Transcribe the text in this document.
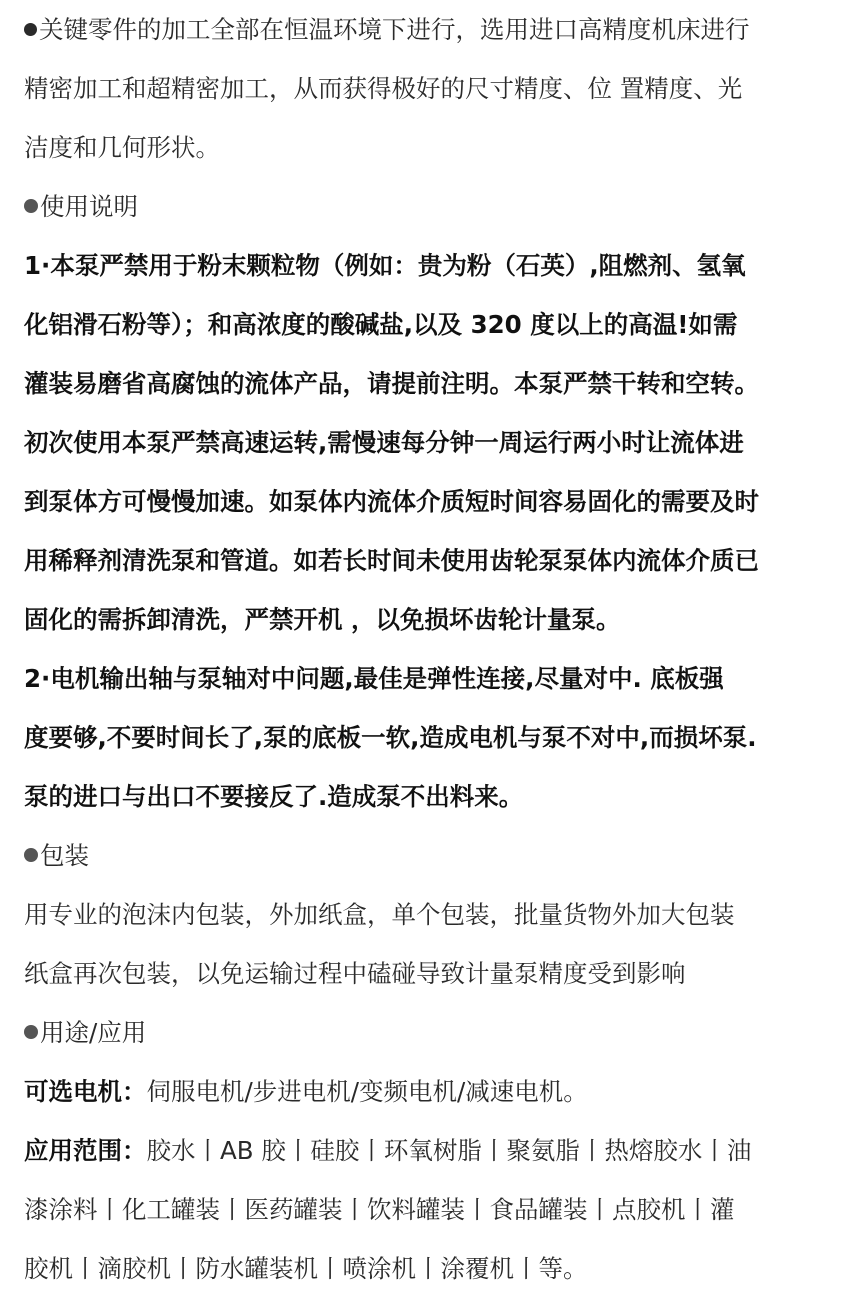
关键零件的加工全部在恒温环境下进行，选用进口高精度机床进行
精密加工和超精密加工，从而获得极好的尺寸精度、位 置精度、光
洁度和几何形状。
使用说明
1·本泵严禁用于粉末颗粒物（例如：贵为粉（石英）,阻燃剂、氢氧
化铝滑石粉等）；和高浓度的酸碱盐,以及 320 度以上的高温!如需
灌装易磨省高腐蚀的流体产品，请提前注明。本泵严禁干转和空转。
初次使用本泵严禁高速运转,需慢速每分钟一周运行两小时让流体进
到泵体方可慢慢加速。如泵体内流体介质短时间容易固化的需要及时
用稀释剂清洗泵和管道。如若长时间未使用齿轮泵泵体内流体介质已
固化的需拆卸清洗，严禁开机 ，以免损坏齿轮计量泵。
2·电机输出轴与泵轴对中问题,最佳是弹性连接,尽量对中. 底板强
度要够,不要时间长了,泵的底板一软,造成电机与泵不对中,而损坏泵.
泵的进口与出口不要接反了.造成泵不出料来。
包装
用专业的泡沫内包装，外加纸盒，单个包装，批量货物外加大包装
纸盒再次包装，以免运输过程中磕碰导致计量泵精度受到影响
用途/应用
可选电机：伺服电机/步进电机/变频电机/减速电机。
应用范围：胶水丨AB 胶丨硅胶丨环氧树脂丨聚氨脂丨热熔胶水丨油
漆涂料丨化工罐装丨医药罐装丨饮料罐装丨食品罐装丨点胶机丨灌
胶机丨滴胶机丨防水罐装机丨喷涂机丨涂覆机丨等。
